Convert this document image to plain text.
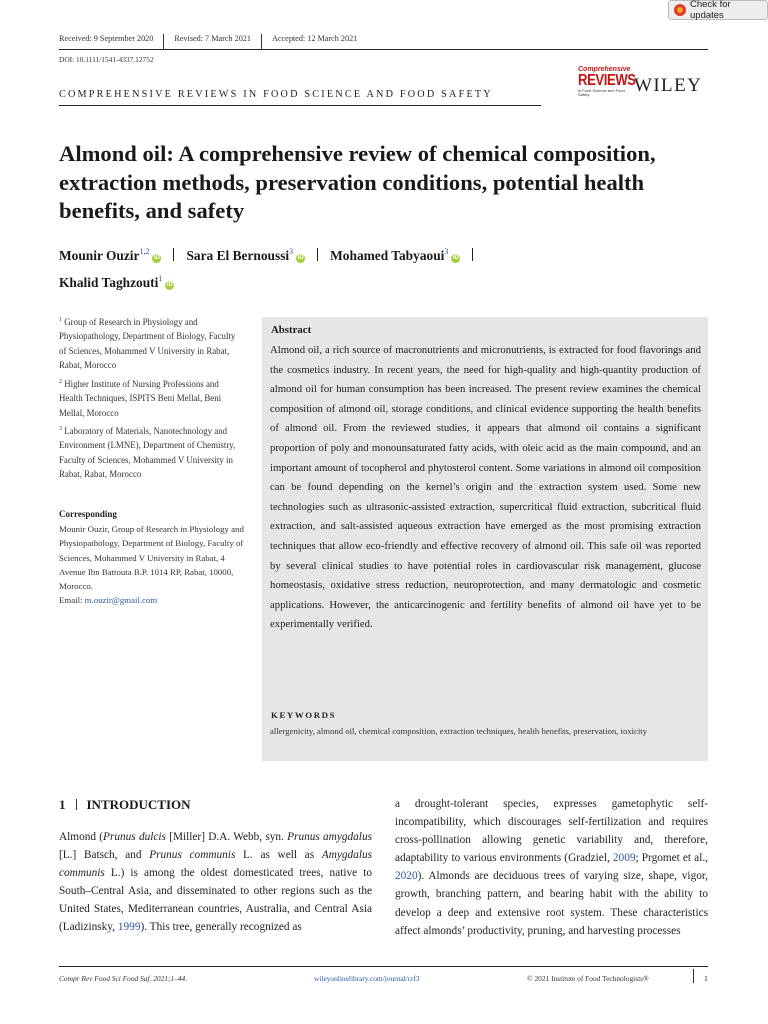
Check for updates
Received: 9 September 2020	Revised: 7 March 2021	Accepted: 12 March 2021
DOI: 10.1111/1541-4337.12752
COMPREHENSIVE REVIEWS IN FOOD SCIENCE AND FOOD SAFETY
Comprehensive
REVIEWS
in Food Science and Food Safety	WILEY
Almond oil: A comprehensive review of chemical composition, extraction methods, preservation conditions, potential health benefits, and safety
Mounir Ouzir$^{1,2}$iD Sara El Bernoussi$^3$iD Mohamed Tabyaoui$^3$iD
Khalid Taghzouti$^1$iD
$^1$ Group of Research in Physiology and Physiopathology, Department of Biology, Faculty of Sciences, Mohammed V University in Rabat, Rabat, Morocco
$^2$ Higher Institute of Nursing Professions and Health Techniques, ISPITS Beni Mellal, Beni Mellal, Morocco
$^3$ Laboratory of Materials, Nanotechnology and Environment (LMNE), Department of Chemistry, Faculty of Sciences, Mohammed V University in Rabat, Rabat, Morocco
Corresponding
Mounir Ouzir, Group of Research in Physiology and Physiopathology, Department of Biology, Faculty of Sciences, Mohammed V University in Rabat, 4 Avenue Ibn Battouta B.P. 1014 RP, Rabat, 10000, Morocco.
Email: m.ouzir@gmail.com
Abstract
Almond oil, a rich source of macronutrients and micronutrients, is extracted for food flavorings and the cosmetics industry. In recent years, the need for high-quality and high-quantity production of almond oil for human consumption has been increased. The present review examines the chemical composition of almond oil, storage conditions, and clinical evidence supporting the health benefits of almond oil. From the reviewed studies, it appears that almond oil contains a significant proportion of poly and monounsaturated fatty acids, with oleic acid as the main compound, and an important amount of tocopherol and phytosterol content. Some variations in almond oil composition can be found depending on the kernel’s origin and the extraction system used. Some new technologies such as ultrasonic-assisted extraction, supercritical fluid extraction, subcritical fluid extraction, and salt-assisted aqueous extraction have emerged as the most promising extraction techniques that allow eco-friendly and effective recovery of almond oil. This safe oil was reported by several clinical studies to have potential roles in cardiovascular risk management, glucose homeostasis, oxidative stress reduction, neuroprotection, and many dermatologic and cosmetic applications. However, the anticarcinogenic and fertility benefits of almond oil have yet to be experimentally verified.
KEYWORDS
allergenicity, almond oil, chemical composition, extraction techniques, health benefits, preservation, toxicity
1 INTRODUCTION
Almond (Prunus dulcis [Miller] D.A. Webb, syn. Prunus amygdalus [L.] Batsch, and Prunus communis L. as well as Amygdalus communis L.) is among the oldest domesticated trees, native to South–Central Asia, and disseminated to other regions such as the United States, Mediterranean countries, Australia, and Central Asia (Ladizinsky, 1999). This tree, generally recognized as
a drought-tolerant species, expresses gametophytic self-incompatibility, which discourages self-fertilization and requires cross-pollination allowing genetic variability and, therefore, adaptability to various environments (Gradziel, 2009; Prgomet et al., 2020). Almonds are deciduous trees of varying size, shape, vigor, growth, branching pattern, and bearing habit with the ability to develop a deep and extensive root system. These characteristics affect almonds’ productivity, pruning, and harvesting processes
Compr Rev Food Sci Food Saf. 2021;1–44.	wileyonlinelibrary.com/journal/crf3	© 2021 Institute of Food Technologists®	1
